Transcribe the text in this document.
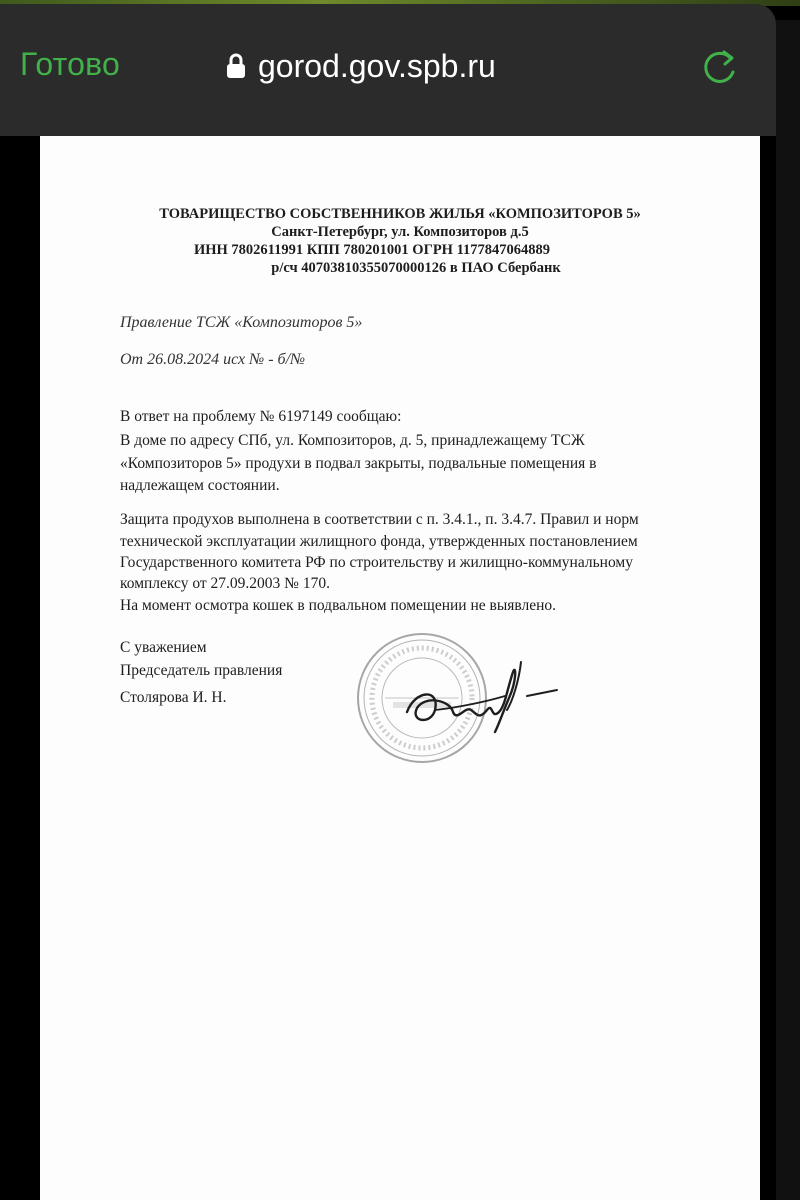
Готово	gorod.gov.spb.ru
ТОВАРИЩЕСТВО СОБСТВЕННИКОВ ЖИЛЬЯ «КОМПОЗИТОРОВ 5»
Санкт-Петербург, ул. Композиторов д.5
ИНН 7802611991 КПП 780201001 ОГРН 1177847064889
р/сч 40703810355070000126 в ПАО Сбербанк
Правление ТСЖ «Композиторов 5»
От 26.08.2024 исх № - б/№
В ответ на проблему № 6197149 сообщаю:
В доме по адресу СПб, ул. Композиторов, д. 5, принадлежащему ТСЖ
«Композиторов 5» продухи в подвал закрыты, подвальные помещения в
надлежащем состоянии.
Защита продухов выполнена в соответствии с п. 3.4.1., п. 3.4.7. Правил и норм
технической эксплуатации жилищного фонда, утвержденных постановлением
Государственного комитета РФ по строительству и жилищно-коммунальному
комплексу от 27.09.2003 № 170.
На момент осмотра кошек в подвальном помещении не выявлено.
С уважением
Председатель правления
Столярова И. Н.
